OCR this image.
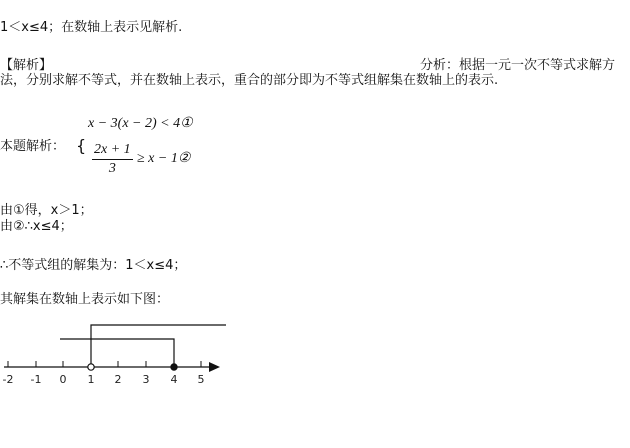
1＜x≤4；在数轴上表示见解析.
【解析】	分析：根据一元一次不等式求解方
法，分别求解不等式，并在数轴上表示，重合的部分即为不等式组解集在数轴上的表示.
本题解析： {
x − 3(x − 2) < 4①
2x + 1
3
≥ x − 1②
由①得，x＞1；
由②∴x≤4；
∴不等式组的解集为：1＜x≤4；
其解集在数轴上表示如下图：
-2 -1 0 1 2 3 4 5
